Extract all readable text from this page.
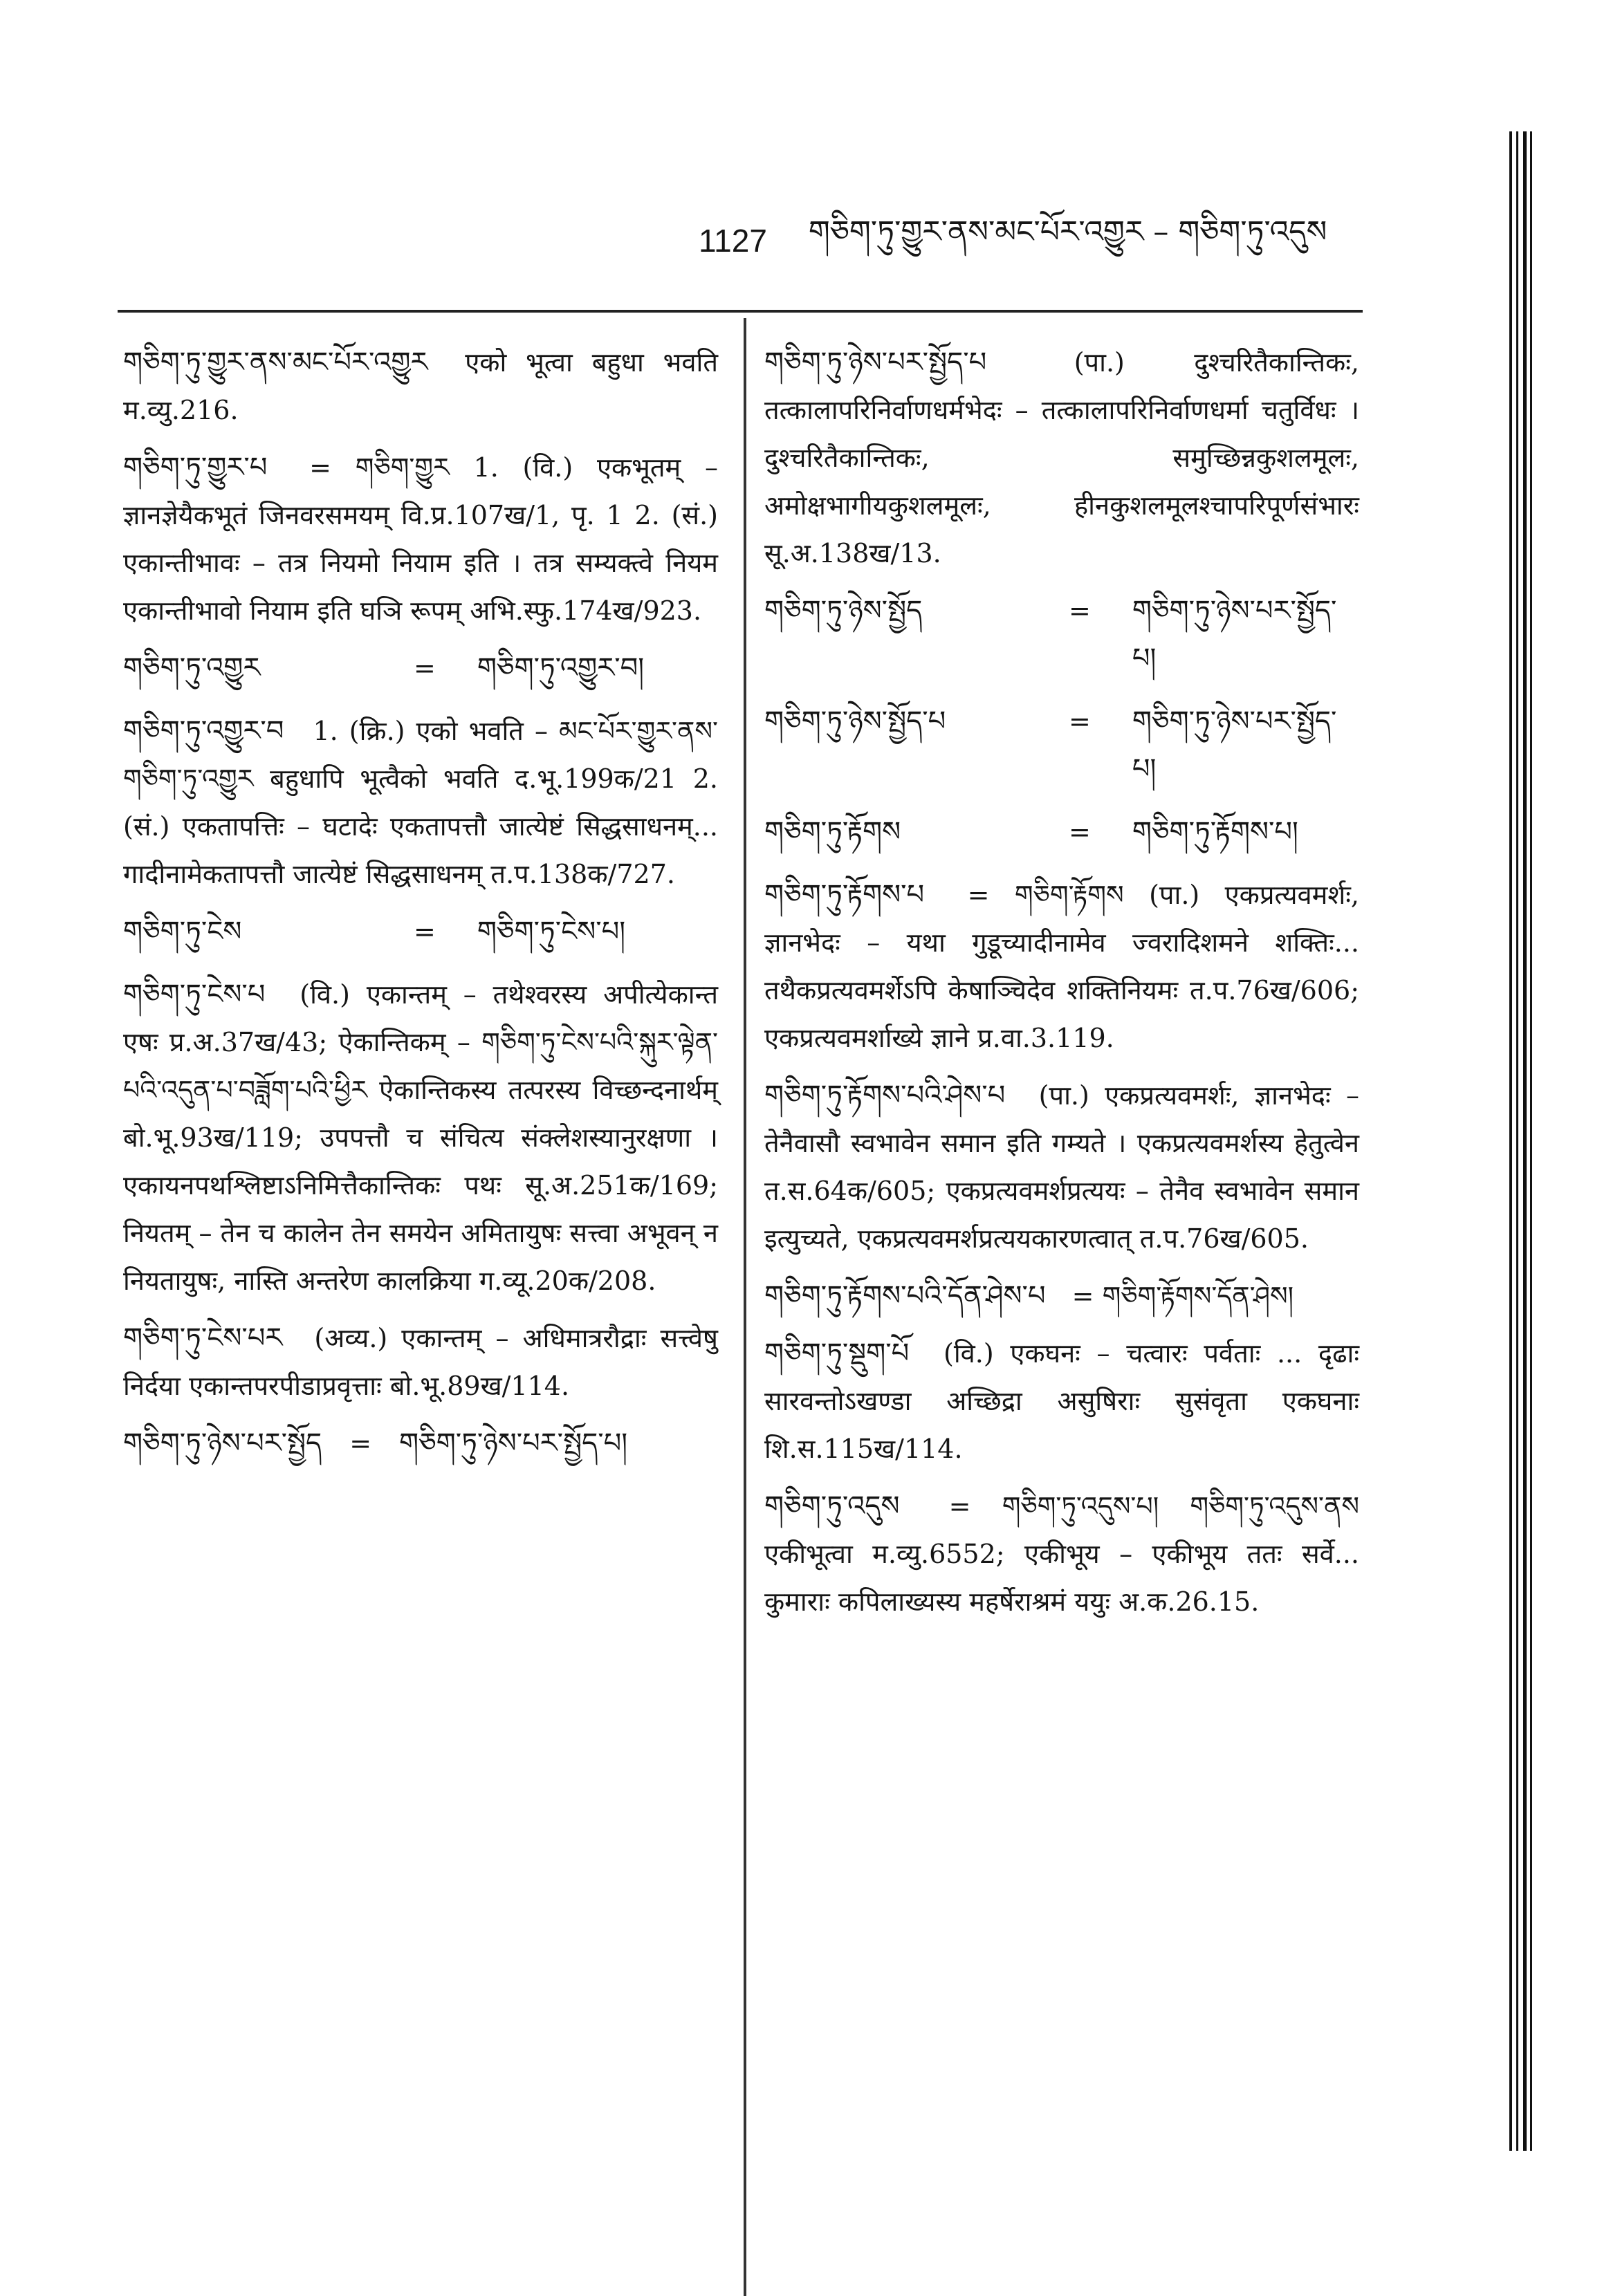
1127 གཅིག་ཏུ་གྱུར་ནས་མང་པོར་འགྱུར – གཅིག་ཏུ་འདུས
གཅིག་ཏུ་གྱུར་ནས་མང་པོར་འགྱུར एको भूत्वा बहुधा भवति म.व्यु.216.
གཅིག་ཏུ་གྱུར་པ = གཅིག་གྱུར 1. (वि.) एकभूतम् – ज्ञानज्ञेयैकभूतं जिनवरसमयम् वि.प्र.107ख/1, पृ. 1 2. (सं.) एकान्तीभावः – तत्र नियमो नियाम इति । तत्र सम्यक्त्वे नियम एकान्तीभावो नियाम इति घञि रूपम् अभि.स्फु.174ख/923.
གཅིག་ཏུ་འགྱུར	= གཅིག་ཏུ་འགྱུར་བ།
གཅིག་ཏུ་འགྱུར་བ 1. (क्रि.) एको भवति – མང་པོར་གྱུར་ནས་གཅིག་ཏུ་འགྱུར बहुधापि भूत्वैको भवति द.भू.199क/21 2. (सं.) एकतापत्तिः – घटादेः एकतापत्तौ जात्येष्टं सिद्धसाधनम्... गादीनामेकतापत्तौ जात्येष्टं सिद्धसाधनम् त.प.138क/727.
གཅིག་ཏུ་ངེས	= གཅིག་ཏུ་ངེས་པ།
གཅིག་ཏུ་ངེས་པ (वि.) एकान्तम् – तथेश्वरस्य अपीत्येकान्त एषः प्र.अ.37ख/43; ऐकान्तिकम् – གཅིག་ཏུ་ངེས་པའི་སྐུར་ལྟེན་པའི་འདུན་པ་བཟློག་པའི་ཕྱིར ऐकान्तिकस्य तत्परस्य विच्छन्दनार्थम् बो.भू.93ख/119; उपपत्तौ च संचित्य संक्लेशस्यानुरक्षणा । एकायनपथश्लिष्टाऽनिमित्तैकान्तिकः पथः सू.अ.251क/169; नियतम् – तेन च कालेन तेन समयेन अमितायुषः सत्त्वा अभूवन् न नियतायुषः, नास्ति अन्तरेण कालक्रिया ग.व्यू.20क/208.
གཅིག་ཏུ་ངེས་པར (अव्य.) एकान्तम् – अधिमात्ररौद्राः सत्त्वेषु निर्दया एकान्तपरपीडाप्रवृत्ताः बो.भू.89ख/114.
གཅིག་ཏུ་ཉེས་པར་སྤྱོད = གཅིག་ཏུ་ཉེས་པར་སྤྱོད་པ།
གཅིག་ཏུ་ཉེས་པར་སྤྱོད་པ	(पा.) दुश्चरितैकान्तिकः, तत्कालापरिनिर्वाणधर्मभेदः – तत्कालापरिनिर्वाणधर्मा चतुर्विधः । दुश्चरितैकान्तिकः, समुच्छिन्नकुशलमूलः, अमोक्षभागीयकुशलमूलः, हीनकुशलमूलश्चापरिपूर्णसंभारः सू.अ.138ख/13.
གཅིག་ཏུ་ཉེས་སྤྱོད	= གཅིག་ཏུ་ཉེས་པར་སྤྱོད་པ།
གཅིག་ཏུ་ཉེས་སྤྱོད་པ	= གཅིག་ཏུ་ཉེས་པར་སྤྱོད་པ།
གཅིག་ཏུ་རྟོགས	= གཅིག་ཏུ་རྟོགས་པ།
གཅིག་ཏུ་རྟོགས་པ = གཅིག་རྟོགས (पा.) एकप्रत्यवमर्शः, ज्ञानभेदः – यथा गुडूच्यादीनामेव ज्वरादिशमने शक्तिः... तथैकप्रत्यवमर्शेऽपि केषाञ्चिदेव शक्तिनियमः त.प.76ख/606; एकप्रत्यवमर्शाख्ये ज्ञाने प्र.वा.3.119.
གཅིག་ཏུ་རྟོགས་པའི་ཤེས་པ (पा.) एकप्रत्यवमर्शः, ज्ञानभेदः – तेनैवासौ स्वभावेन समान इति गम्यते । एकप्रत्यवमर्शस्य हेतुत्वेन त.स.64क/605; एकप्रत्यवमर्शप्रत्ययः – तेनैव स्वभावेन समान इत्युच्यते, एकप्रत्यवमर्शप्रत्ययकारणत्वात् त.प.76ख/605.
གཅིག་ཏུ་རྟོགས་པའི་དོན་ཤེས་པ = གཅིག་རྟོགས་དོན་ཤེས།
གཅིག་ཏུ་སྡུག་པོ (वि.) एकघनः – चत्वारः पर्वताः ... दृढाः सारवन्तोऽखण्डा अच्छिद्रा असुषिराः सुसंवृता एकघनाः शि.स.115ख/114.
གཅིག་ཏུ་འདུས = གཅིག་ཏུ་འདུས་པ། གཅིག་ཏུ་འདུས་ནས एकीभूत्वा म.व्यु.6552; एकीभूय – एकीभूय ततः सर्वे... कुमाराः कपिलाख्यस्य महर्षेराश्रमं ययुः अ.क.26.15.
